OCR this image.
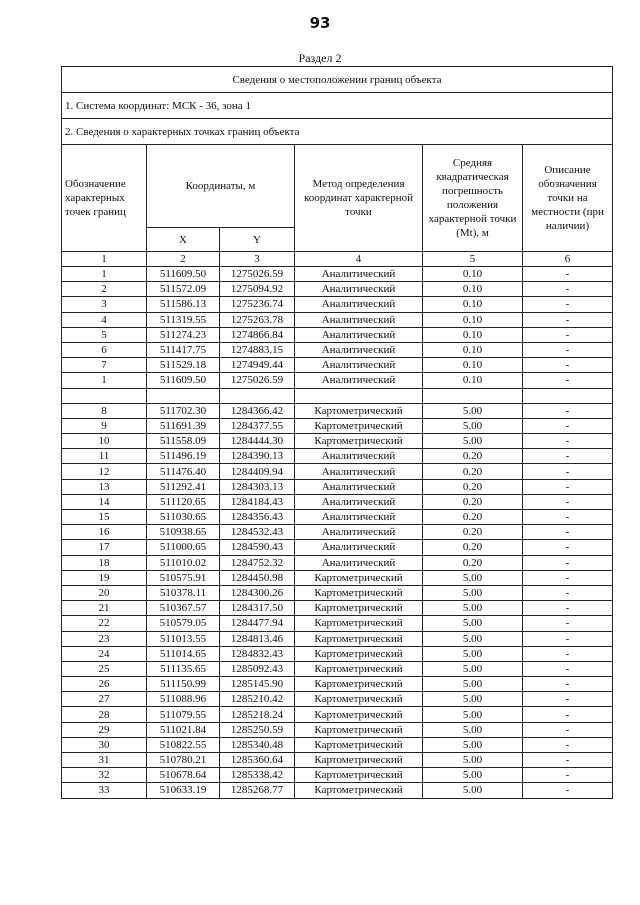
93
Раздел 2
Сведения о местоположении границ объекта					
1. Система координат: МСК - 36, зона 1					
2. Сведения о характерных точках границ объекта					
Обозначение характерных точек границ	Координаты, м		Метод определения координат характерной точки	Средняя квадратическая погрешность положения характерной точки (Mt), м	Описание обозначения точки на местности (при наличии)
	X	Y			
1	2	3	4	5	6
1	511609.50	1275026.59	Аналитический	0.10	-
2	511572.09	1275094.92	Аналитический	0.10	-
3	511586.13	1275236.74	Аналитический	0.10	-
4	511319.55	1275263.78	Аналитический	0.10	-
5	511274.23	1274866.84	Аналитический	0.10	-
6	511417.75	1274883.15	Аналитический	0.10	-
7	511529.18	1274949.44	Аналитический	0.10	-
1	511609.50	1275026.59	Аналитический	0.10	-

8	511702.30	1284366.42	Картометрический	5.00	-
9	511691.39	1284377.55	Картометрический	5.00	-
10	511558.09	1284444.30	Картометрический	5.00	-
11	511496.19	1284390.13	Аналитический	0.20	-
12	511476.40	1284409.94	Аналитический	0.20	-
13	511292.41	1284303.13	Аналитический	0.20	-
14	511120.65	1284184.43	Аналитический	0.20	-
15	511030.65	1284356.43	Аналитический	0.20	-
16	510938.65	1284532.43	Аналитический	0.20	-
17	511000.65	1284590.43	Аналитический	0.20	-
18	511010.02	1284752.32	Аналитический	0.20	-
19	510575.91	1284450.98	Картометрический	5.00	-
20	510378.11	1284300.26	Картометрический	5.00	-
21	510367.57	1284317.50	Картометрический	5.00	-
22	510579.05	1284477.94	Картометрический	5.00	-
23	511013.55	1284813.46	Картометрический	5.00	-
24	511014.65	1284832.43	Картометрический	5.00	-
25	511135.65	1285092.43	Картометрический	5.00	-
26	511150.99	1285145.90	Картометрический	5.00	-
27	511088.96	1285210.42	Картометрический	5.00	-
28	511079.55	1285218.24	Картометрический	5.00	-
29	511021.84	1285250.59	Картометрический	5.00	-
30	510822.55	1285340.48	Картометрический	5.00	-
31	510780.21	1285360.64	Картометрический	5.00	-
32	510678.64	1285338.42	Картометрический	5.00	-
33	510633.19	1285268.77	Картометрический	5.00	-
